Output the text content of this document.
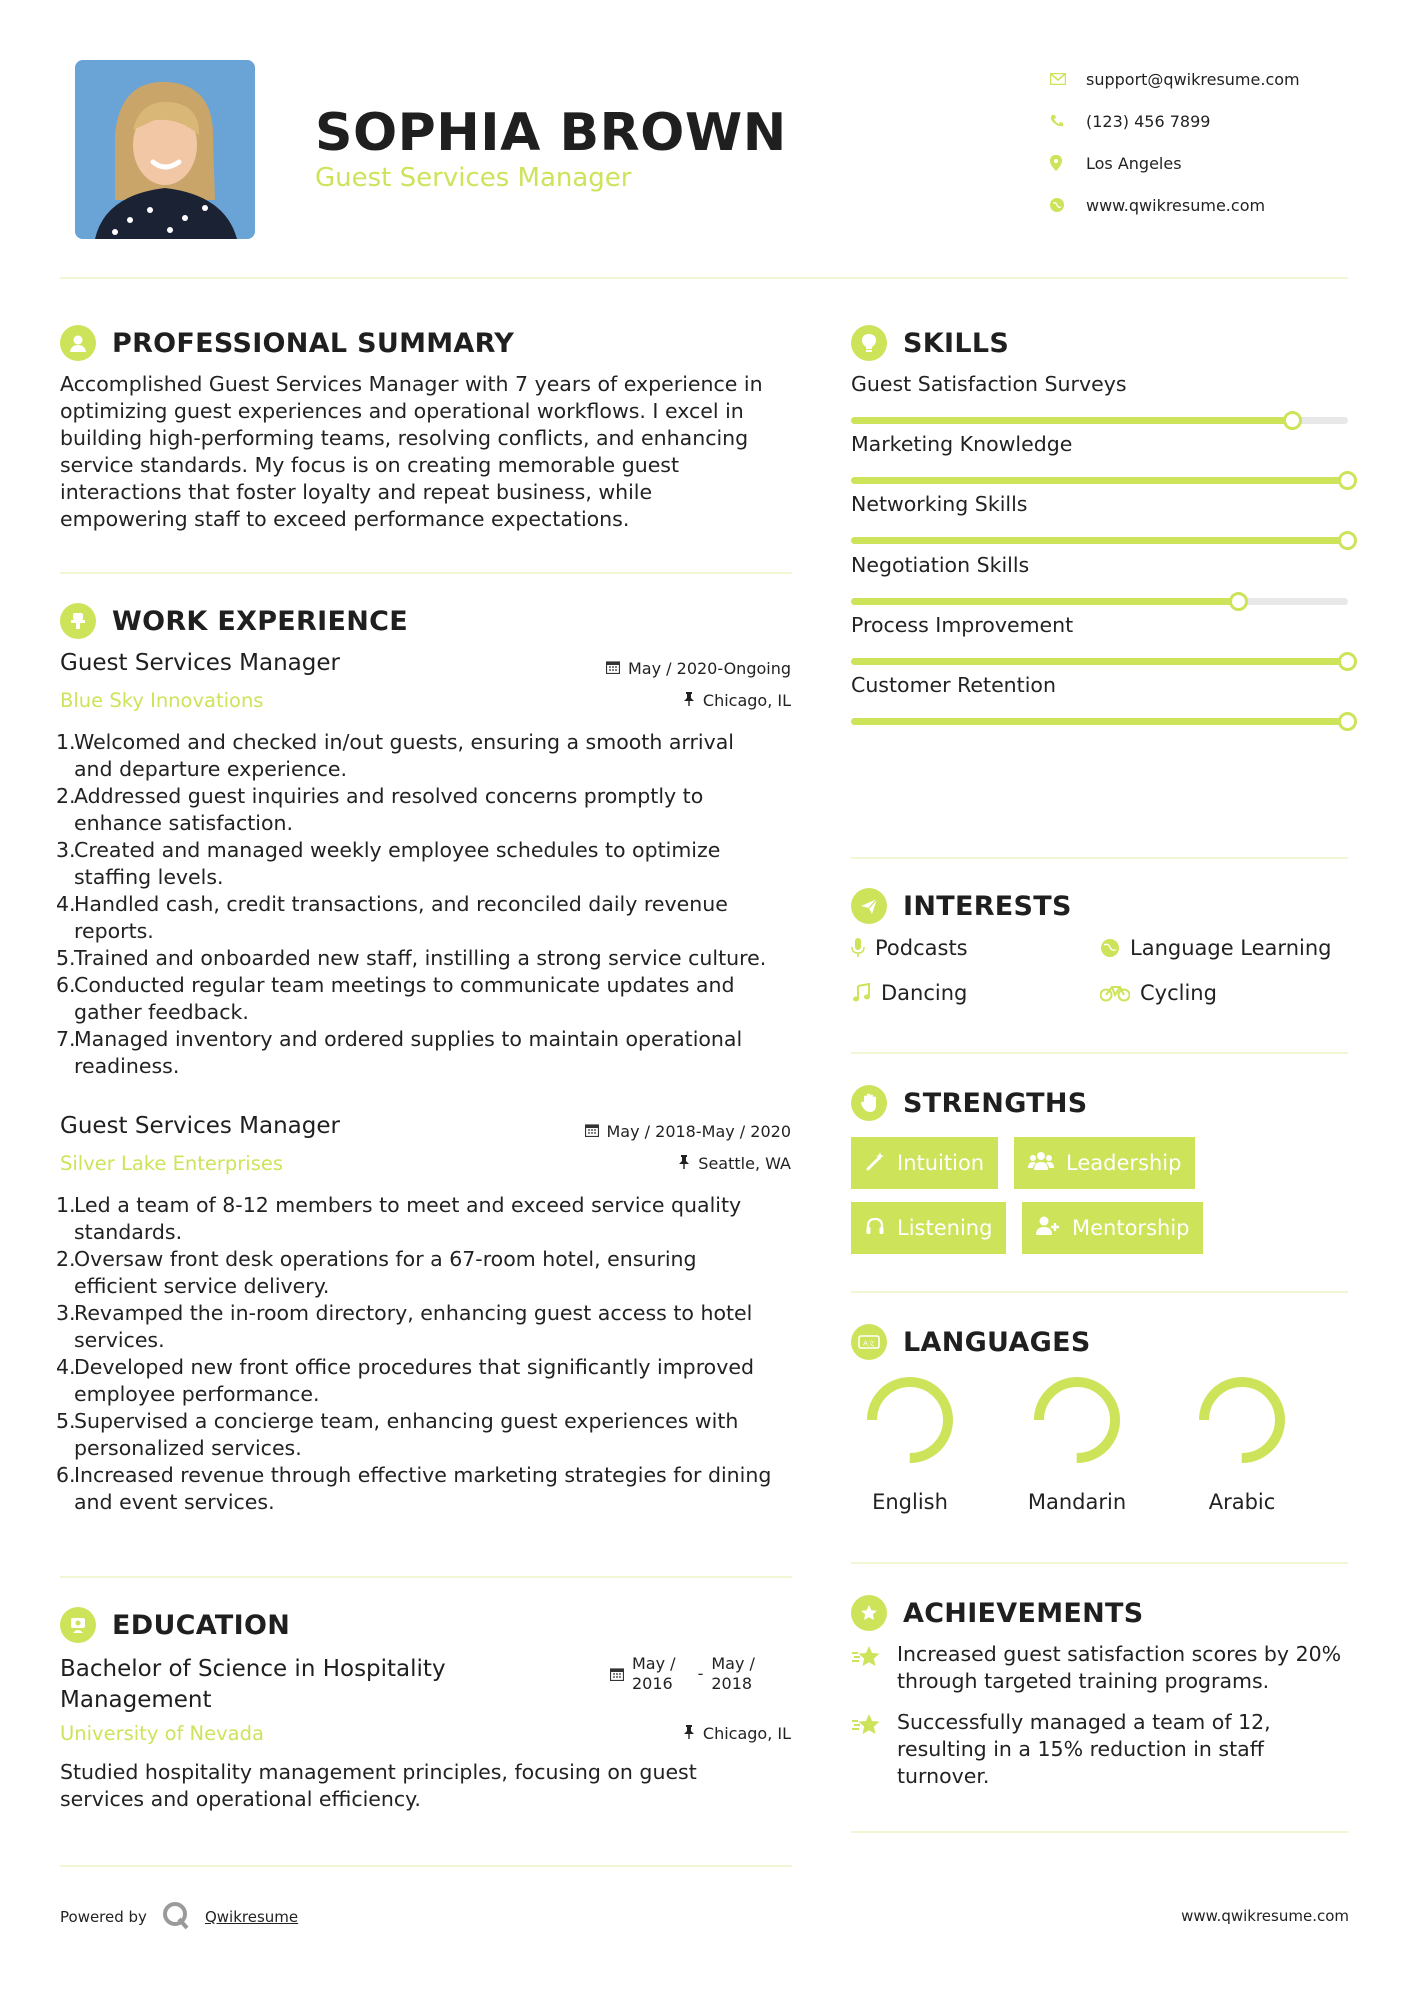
SOPHIA BROWN
Guest Services Manager
support@qwikresume.com
(123) 456 7899
Los Angeles
www.qwikresume.com
PROFESSIONAL SUMMARY
Accomplished Guest Services Manager with 7 years of experience in
optimizing guest experiences and operational workflows. I excel in
building high-performing teams, resolving conflicts, and enhancing
service standards. My focus is on creating memorable guest
interactions that foster loyalty and repeat business, while
empowering staff to exceed performance expectations.
WORK EXPERIENCE
Guest Services Manager	May / 2020-Ongoing
Blue Sky Innovations	Chicago, IL
1.
Welcomed and checked in/out guests, ensuring a smooth arrival
and departure experience.
2.
Addressed guest inquiries and resolved concerns promptly to
enhance satisfaction.
3.
Created and managed weekly employee schedules to optimize
staffing levels.
4.
Handled cash, credit transactions, and reconciled daily revenue
reports.
5.
Trained and onboarded new staff, instilling a strong service culture.
6.
Conducted regular team meetings to communicate updates and
gather feedback.
7.
Managed inventory and ordered supplies to maintain operational
readiness.
Guest Services Manager	May / 2018-May / 2020
Silver Lake Enterprises	Seattle, WA
1.
Led a team of 8-12 members to meet and exceed service quality
standards.
2.
Oversaw front desk operations for a 67-room hotel, ensuring
efficient service delivery.
3.
Revamped the in-room directory, enhancing guest access to hotel
services.
4.
Developed new front office procedures that significantly improved
employee performance.
5.
Supervised a concierge team, enhancing guest experiences with
personalized services.
6.
Increased revenue through effective marketing strategies for dining
and event services.
EDUCATION
Bachelor of Science in Hospitality
Management
May /
2016
-
May /
2018
University of Nevada	Chicago, IL
Studied hospitality management principles, focusing on guest
services and operational efficiency.
SKILLS
Guest Satisfaction Surveys
Marketing Knowledge
Networking Skills
Negotiation Skills
Process Improvement
Customer Retention
INTERESTS
Podcasts	Language Learning
Dancing	Cycling
STRENGTHS
Intuition	Leadership
Listening	Mentorship
A文 LANGUAGES
English	Mandarin	Arabic
ACHIEVEMENTS
Increased guest satisfaction scores by 20%
through targeted training programs.
Successfully managed a team of 12,
resulting in a 15% reduction in staff
turnover.
Powered by	Qwikresume	www.qwikresume.com
